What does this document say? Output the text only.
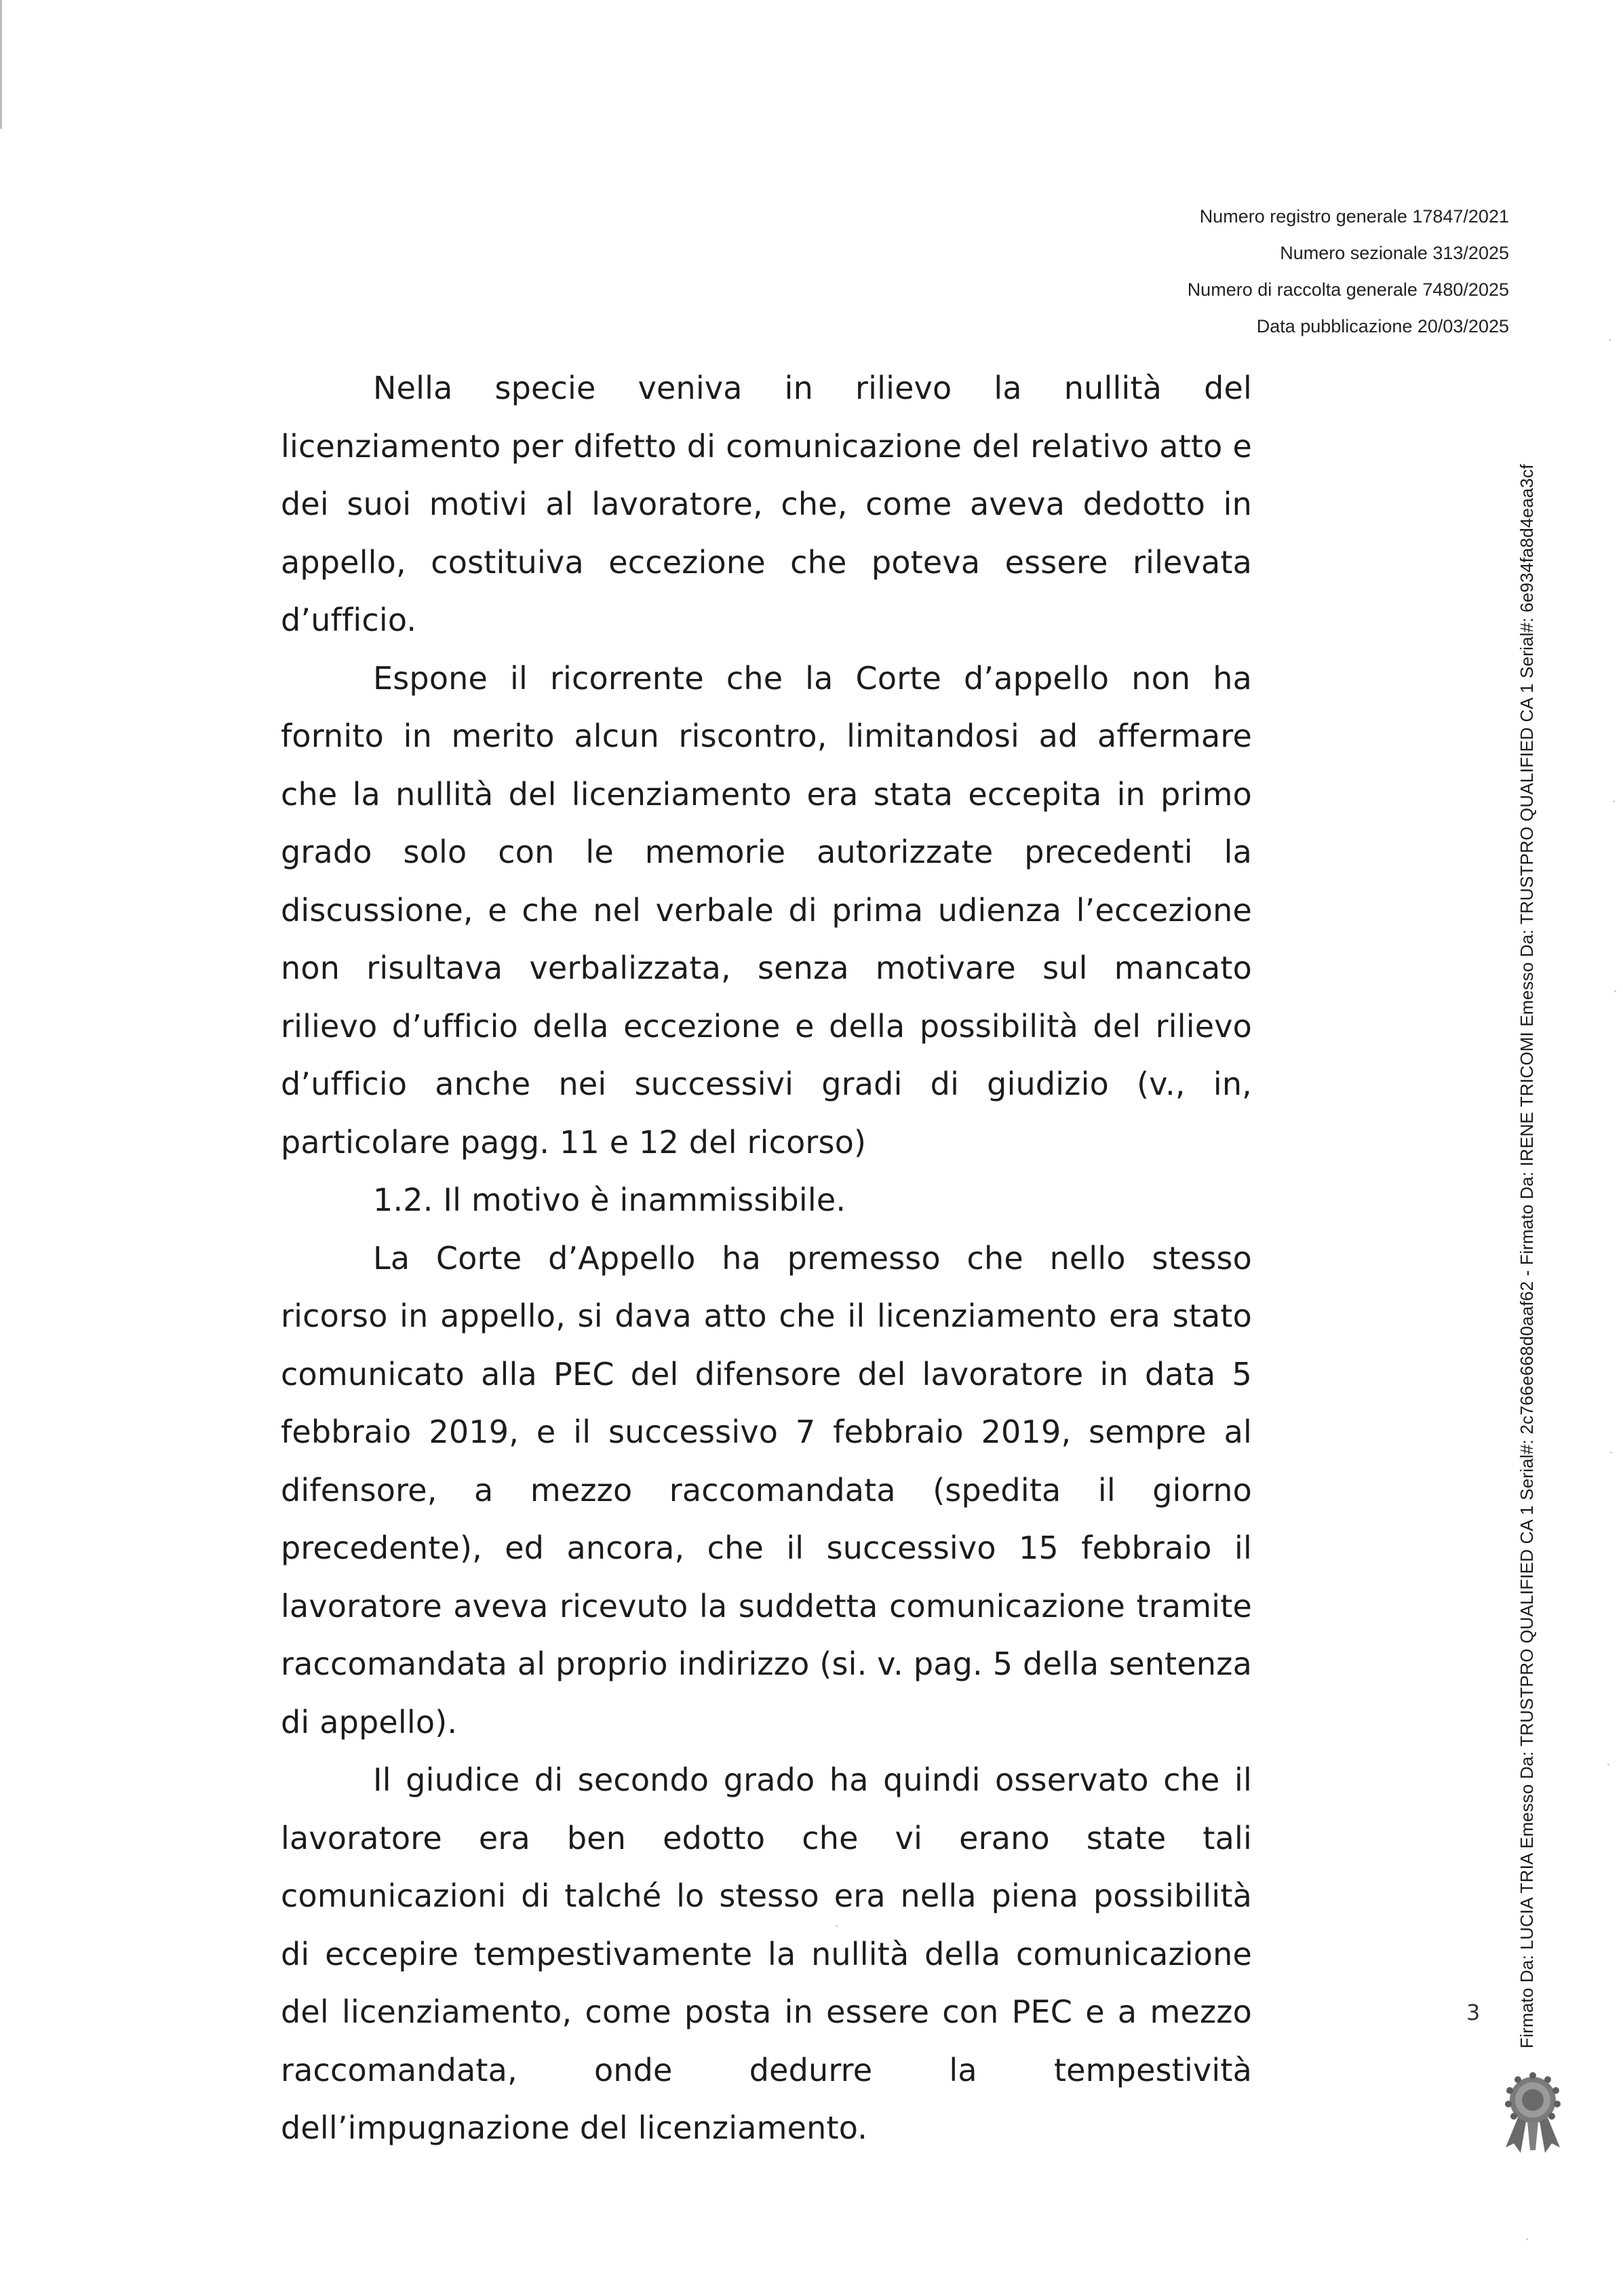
Numero registro generale 17847/2021
Numero sezionale 313/2025
Numero di raccolta generale 7480/2025
Data pubblicazione 20/03/2025

Nella specie veniva in rilievo la nullità del licenziamento per difetto di comunicazione del relativo atto e dei suoi motivi al lavoratore, che, come aveva dedotto in appello, costituiva eccezione che poteva essere rilevata d’ufficio.

Espone il ricorrente che la Corte d’appello non ha fornito in merito alcun riscontro, limitandosi ad affermare che la nullità del licenziamento era stata eccepita in primo grado solo con le memorie autorizzate precedenti la discussione, e che nel verbale di prima udienza l’eccezione non risultava verbalizzata, senza motivare sul mancato rilievo d’ufficio della eccezione e della possibilità del rilievo d’ufficio anche nei successivi gradi di giudizio (v., in, particolare pagg. 11 e 12 del ricorso)

1.2. Il motivo è inammissibile.

La Corte d’Appello ha premesso che nello stesso ricorso in appello, si dava atto che il licenziamento era stato comunicato alla PEC del difensore del lavoratore in data 5 febbraio 2019, e il successivo 7 febbraio 2019, sempre al difensore, a mezzo raccomandata (spedita il giorno precedente), ed ancora, che il successivo 15 febbraio il lavoratore aveva ricevuto la suddetta comunicazione tramite raccomandata al proprio indirizzo (si. v. pag. 5 della sentenza di appello).

Il giudice di secondo grado ha quindi osservato che il lavoratore era ben edotto che vi erano state tali comunicazioni di talché lo stesso era nella piena possibilità di eccepire tempestivamente la nullità della comunicazione del licenziamento, come posta in essere con PEC e a mezzo raccomandata, onde dedurre la tempestività dell’impugnazione del licenziamento.

3 Firmato Da: LUCIA TRIA Emesso Da: TRUSTPRO QUALIFIED CA 1 Serial#: 2c766e668d0aaf62 - Firmato Da: IRENE TRICOMI Emesso Da: TRUSTPRO QUALIFIED CA 1 Serial#: 6e934fa8d4eaa3cf
